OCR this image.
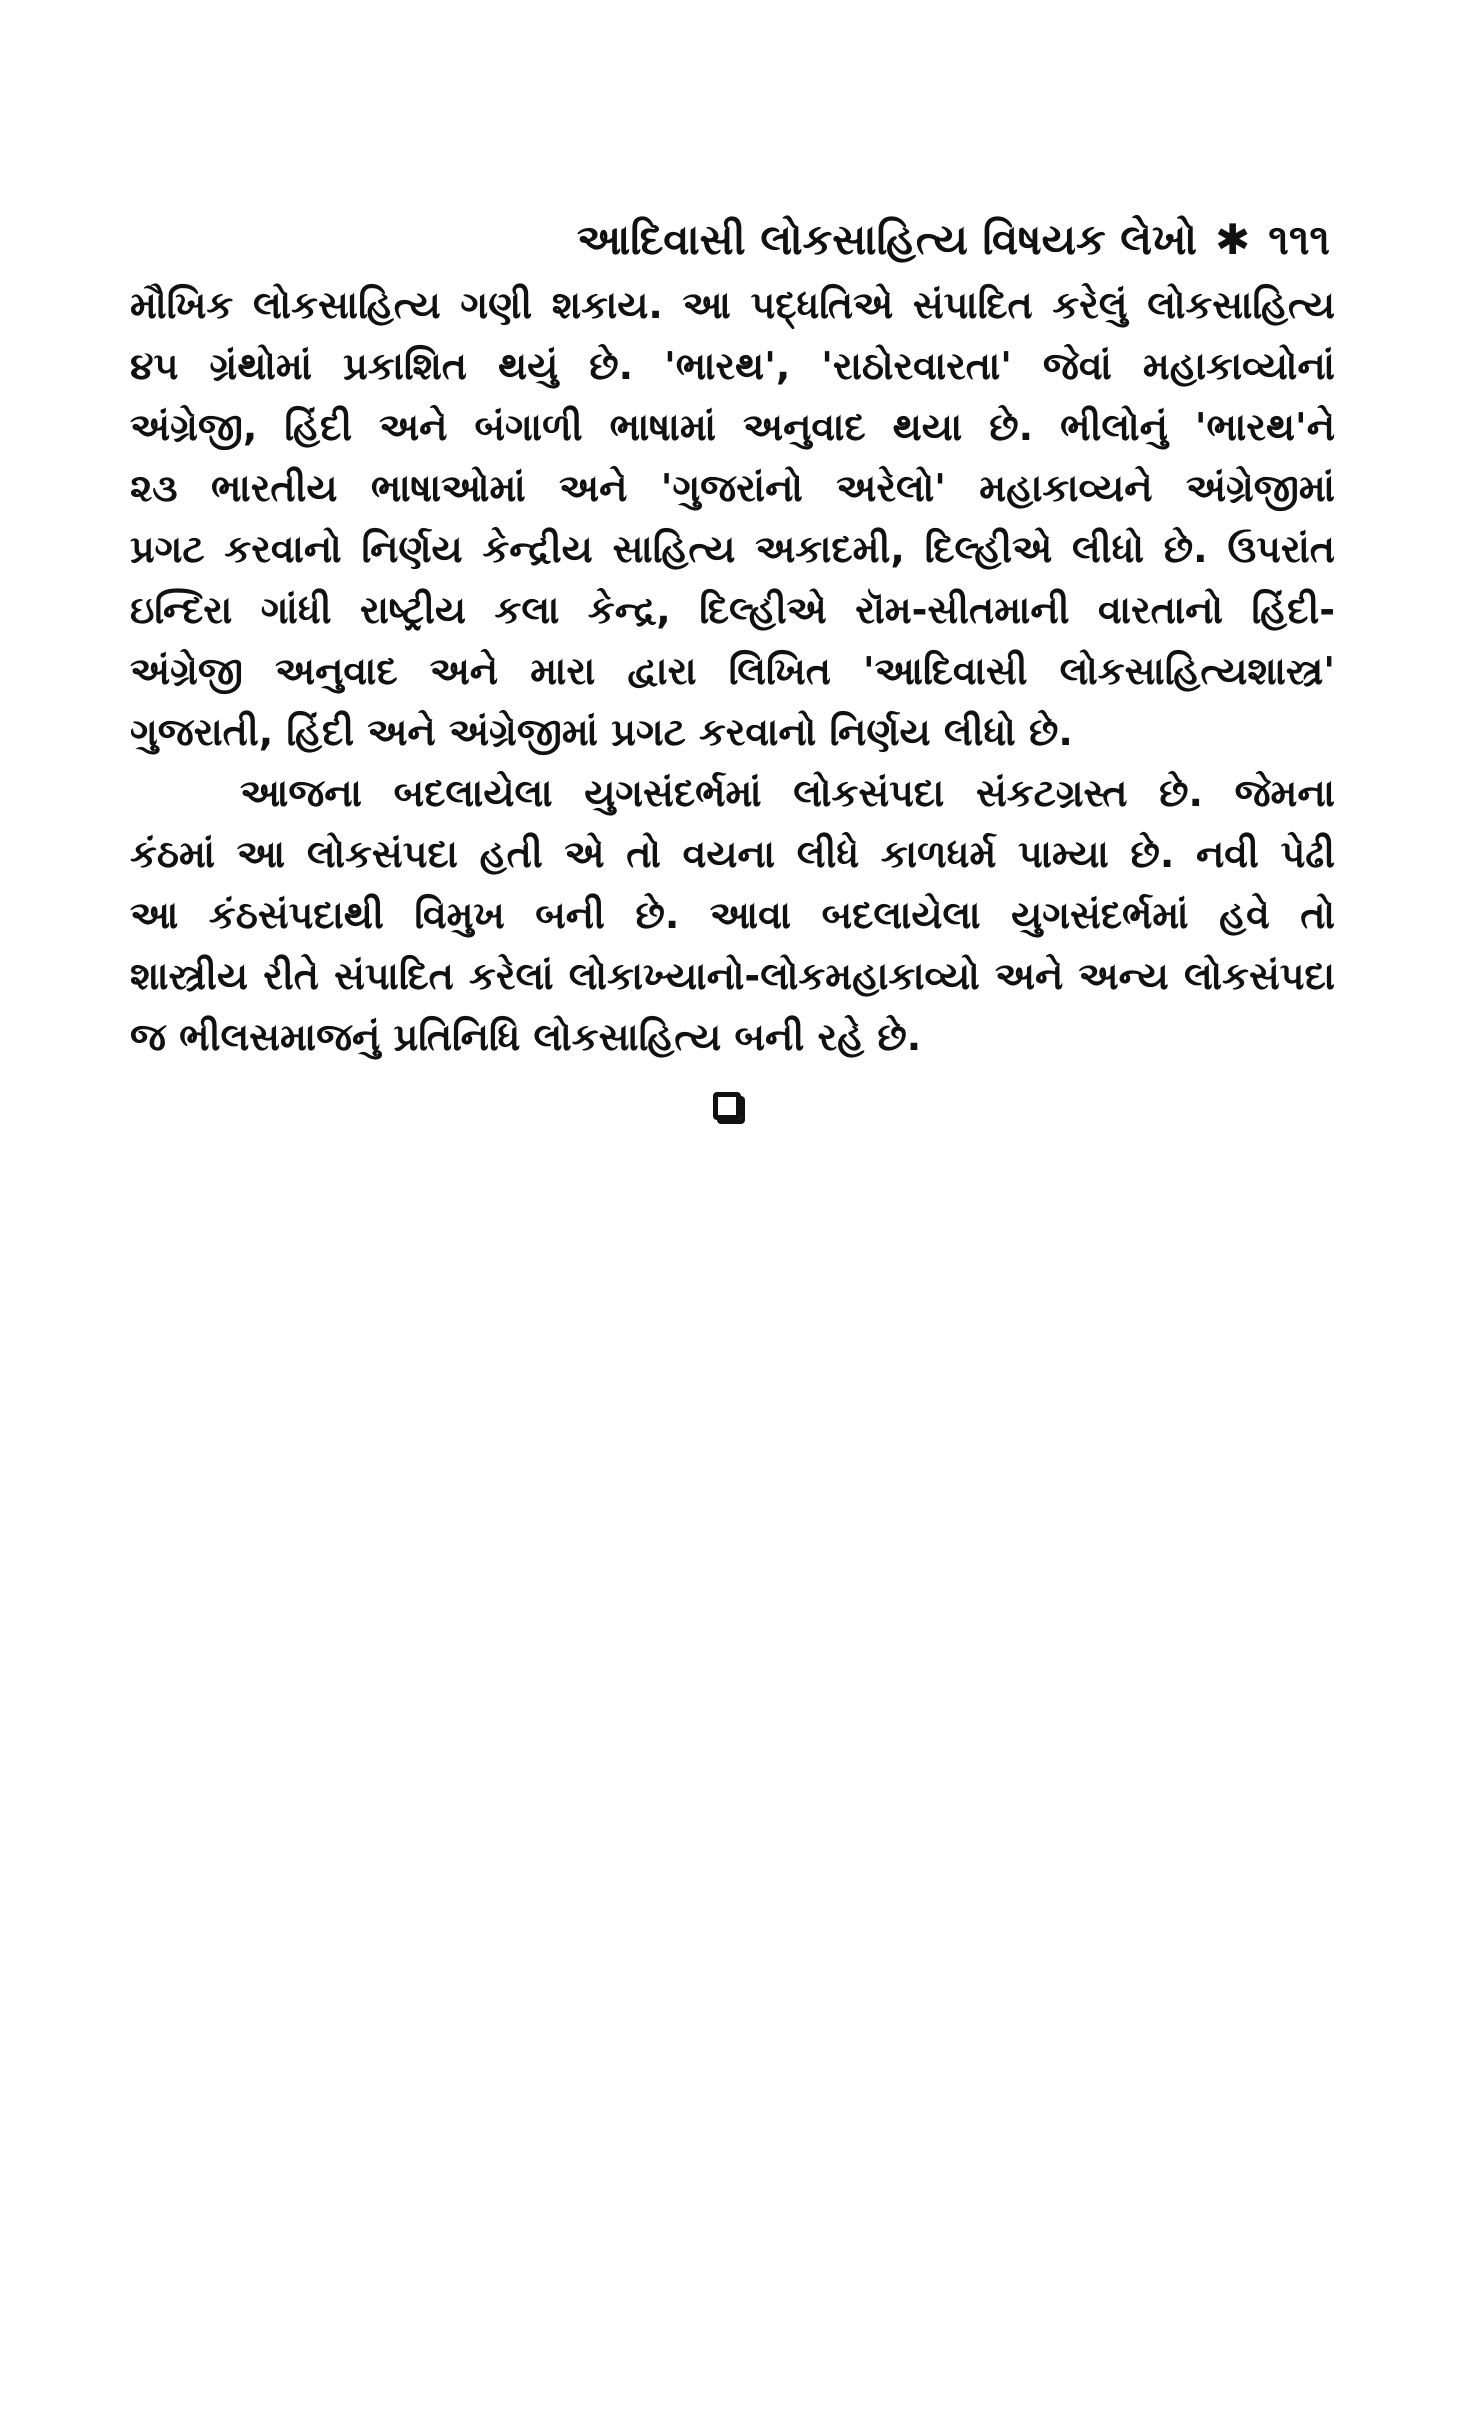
આદિવાસી લોકસાહિત્ય વિષયક લેખો ✱ ૧૧૧
મૌખિક લોકસાહિત્ય ગણી શકાય. આ પદ્ધતિએ સંપાદિત કરેલું લોકસાહિત્ય
૪૫ ગ્રંથોમાં પ્રકાશિત થયું છે. 'ભારથ', 'રાઠોરવારતા' જેવાં મહાકાવ્યોનાં
અંગ્રેજી, હિંદી અને બંગાળી ભાષામાં અનુવાદ થયા છે. ભીલોનું 'ભારથ'ને
૨૩ ભારતીય ભાષાઓમાં અને 'ગુજરાંનો અરેલો' મહાકાવ્યને અંગ્રેજીમાં
પ્રગટ કરવાનો નિર્ણય કેન્દ્રીય સાહિત્ય અકાદમી, દિલ્હીએ લીધો છે. ઉપરાંત
ઇન્દિરા ગાંધી રાષ્ટ્રીય કલા કેન્દ્ર, દિલ્હીએ રૉમ-સીતમાની વારતાનો હિંદી-
અંગ્રેજી અનુવાદ અને મારા દ્વારા લિખિત 'આદિવાસી લોકસાહિત્યશાસ્ત્ર'
ગુજરાતી, હિંદી અને અંગ્રેજીમાં પ્રગટ કરવાનો નિર્ણય લીધો છે.
આજના બદલાયેલા યુગસંદર્ભમાં લોકસંપદા સંકટગ્રસ્ત છે. જેમના
કંઠમાં આ લોકસંપદા હતી એ તો વયના લીધે કાળધર્મ પામ્યા છે. નવી પેઢી
આ કંઠસંપદાથી વિમુખ બની છે. આવા બદલાયેલા યુગસંદર્ભમાં હવે તો
શાસ્ત્રીય રીતે સંપાદિત કરેલાં લોકાખ્યાનો-લોકમહાકાવ્યો અને અન્ય લોકસંપદા
જ ભીલસમાજનું પ્રતિનિધિ લોકસાહિત્ય બની રહે છે.
